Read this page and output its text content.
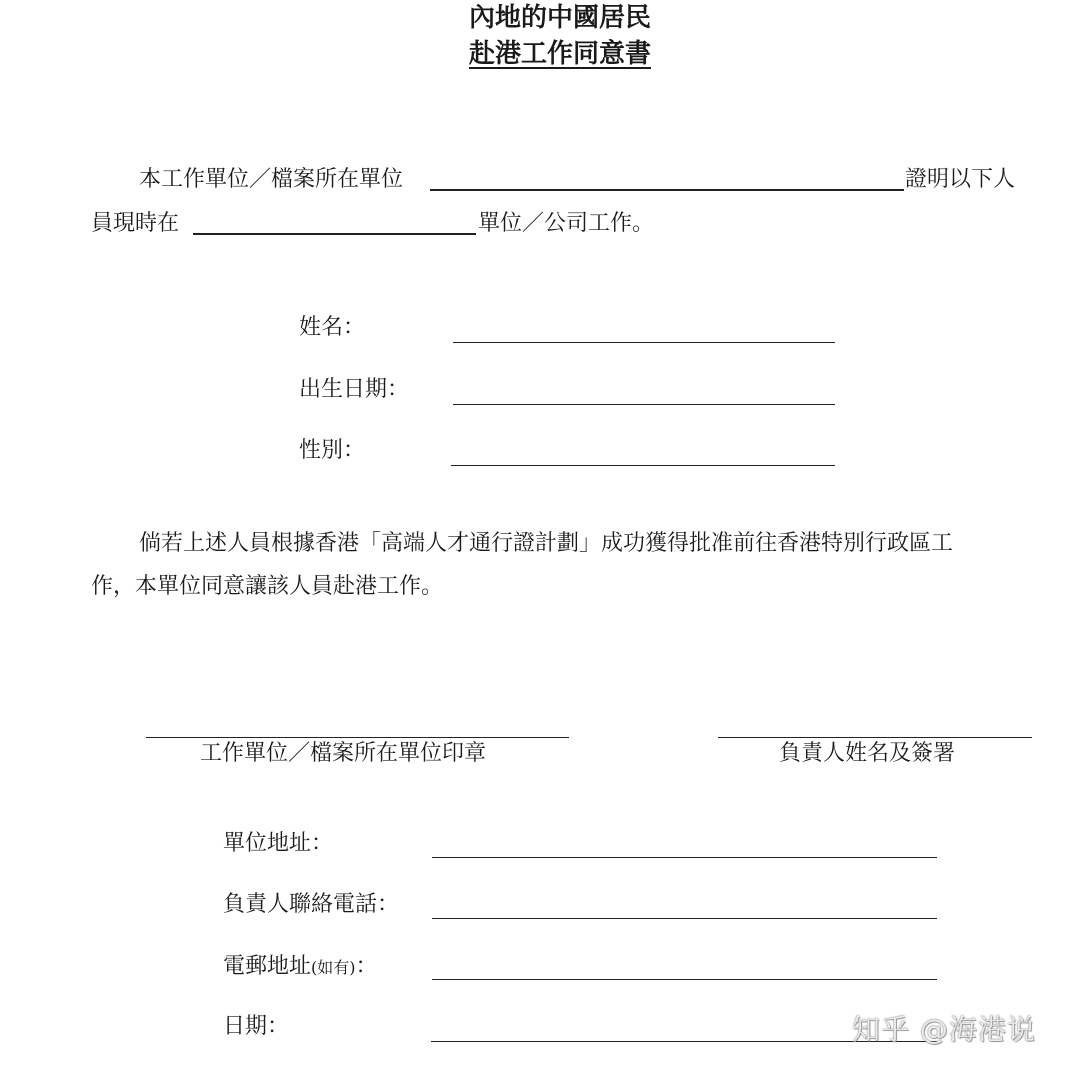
內地的中國居民
赴港工作同意書
本工作單位／檔案所在單位	證明以下人
員現時在	單位／公司工作。
姓名：
出生日期：
性別：
倘若上述人員根據香港「高端人才通行證計劃」成功獲得批准前往香港特別行政區工
作，本單位同意讓該人員赴港工作。
工作單位／檔案所在單位印章	負責人姓名及簽署
單位地址：
負責人聯絡電話：
電郵地址(如有)：
日期：	知乎 @海港说
